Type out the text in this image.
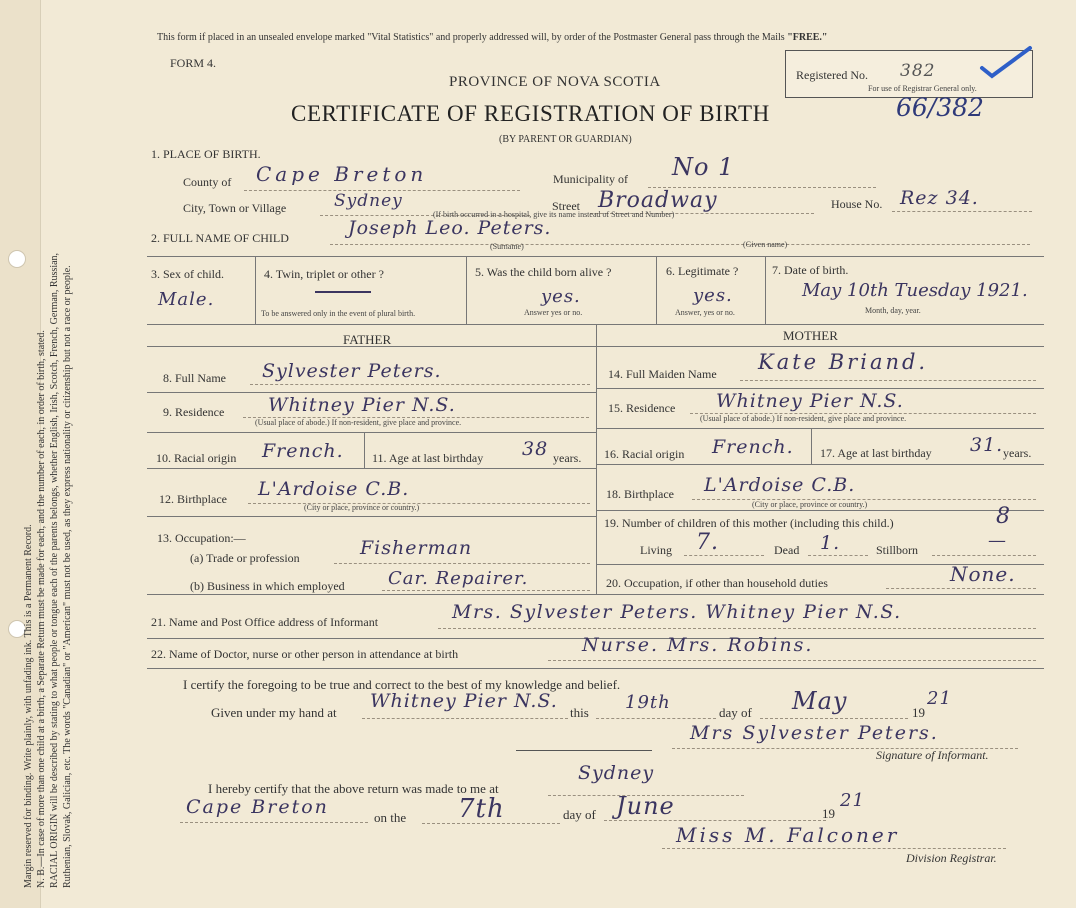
Margin reserved for binding. Write plainly, with unfading ink. This is a Permanent Record. N. B.—In case of more than one child at a birth, a Separate Return must be made for each, and the number of each, in order of birth, stated. RACIAL ORIGIN will be described by stating to what people or tongue each of the parents belongs, whether English, Irish, Scotch, French, German, Russian, Ruthenian, Slovak, Galician, etc. The words "Canadian" or "American" must not be used, as they express nationality or citizenship but not a race or people.
This form if placed in an unsealed envelope marked "Vital Statistics" and properly addressed will, by order of the Postmaster General pass through the Mails "FREE."
FORM 4.
PROVINCE OF NOVA SCOTIA
CERTIFICATE OF REGISTRATION OF BIRTH
(BY PARENT OR GUARDIAN)
Registered No. 382
For use of Registrar General only.
66/382
1. PLACE OF BIRTH.
County of Cape Breton	Municipality of No 1
City, Town or Village	Sydney	Street Broadway
(If birth occurred in a hospital, give its name instead of Street and Number)
House No. Rez 34.
2. FULL NAME OF CHILD	Joseph Leo. Peters.
(Surname)	(Given name)
3. Sex of child.
Male.
4. Twin, triplet or other ?
To be answered only in the event of plural birth.
5. Was the child born alive ?
yes.
Answer yes or no.
6. Legitimate ?
yes.
Answer, yes or no.
7. Date of birth.
May 10th Tuesday 1921.
Month, day, year.
FATHER	MOTHER
8. Full Name Sylvester Peters.
9. Residence Whitney Pier N.S.
(Usual place of abode.) If non-resident, give place and province.
10. Racial origin French. 11. Age at last birthday 38 years.
12. Birthplace L'Ardoise C.B.
(City or place, province or country.)
13. Occupation:—
(a) Trade or profession	Fisherman
(b) Business in which employed Car. Repairer.
14. Full Maiden Name Kate Briand.
15. Residence Whitney Pier N.S.
(Usual place of abode.) If non-resident, give place and province.
16. Racial origin French. 17. Age at last birthday 31. years.
18. Birthplace L'Ardoise C.B.
(City or place, province or country.)
19. Number of children of this mother (including this child.)	8
Living 7.	Dead 1.	Stillborn	—
20. Occupation, if other than household duties	None.
21. Name and Post Office address of Informant	Mrs. Sylvester Peters. Whitney Pier N.S.
22. Name of Doctor, nurse or other person in attendance at birth	Nurse. Mrs. Robins.
I certify the foregoing to be true and correct to the best of my knowledge and belief.
Given under my hand at
Whitney Pier N.S.
this 19th	day of May	19
21
Mrs Sylvester Peters.
Signature of Informant.
I hereby certify that the above return was made to me at
Sydney
Cape Breton	on the 7th	day of June	19
21
Miss M. Falconer
Division Registrar.
